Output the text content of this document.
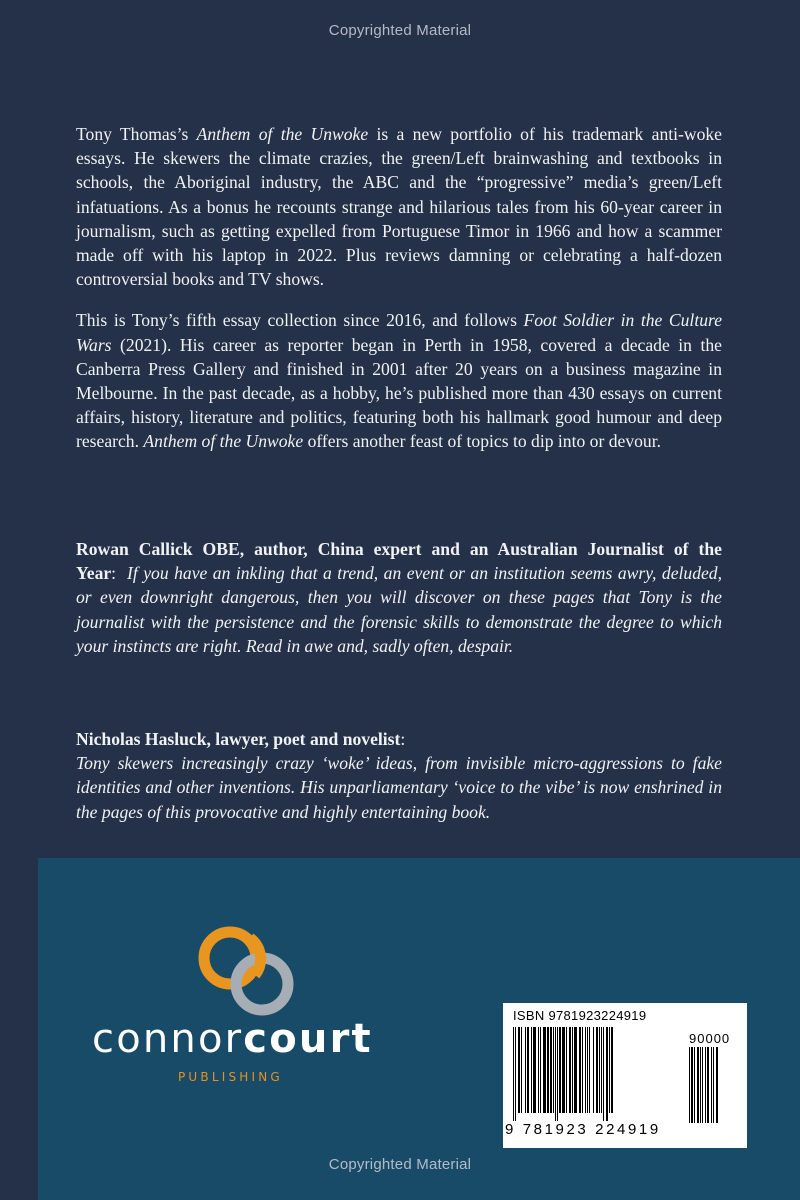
Copyrighted Material

Tony Thomas’s Anthem of the Unwoke is a new portfolio of his trademark anti-woke essays. He skewers the climate crazies, the green/Left brainwashing and textbooks in schools, the Aboriginal industry, the ABC and the “progressive” media’s green/Left infatuations. As a bonus he recounts strange and hilarious tales from his 60-year career in journalism, such as getting expelled from Portuguese Timor in 1966 and how a scammer made off with his laptop in 2022. Plus reviews damning or celebrating a half-dozen controversial books and TV shows.

This is Tony’s fifth essay collection since 2016, and follows Foot Soldier in the Culture Wars (2021). His career as reporter began in Perth in 1958, covered a decade in the Canberra Press Gallery and finished in 2001 after 20 years on a business magazine in Melbourne. In the past decade, as a hobby, he’s published more than 430 essays on current affairs, history, literature and politics, featuring both his hallmark good humour and deep research. Anthem of the Unwoke offers another feast of topics to dip into or devour.

Rowan Callick OBE, author, China expert and an Australian Journalist of the Year: If you have an inkling that a trend, an event or an institution seems awry, deluded, or even downright dangerous, then you will discover on these pages that Tony is the journalist with the persistence and the forensic skills to demonstrate the degree to which your instincts are right. Read in awe and, sadly often, despair.
Nicholas Hasluck, lawyer, poet and novelist:
Tony skewers increasingly crazy ‘woke’ ideas, from invisible micro-aggressions to fake identities and other inventions. His unparliamentary ‘voice to the vibe’ is now enshrined in the pages of this provocative and highly entertaining book.
connorcourt
PUBLISHING
ISBN 9781923224919
90000
9 781923 224919
Copyrighted Material
